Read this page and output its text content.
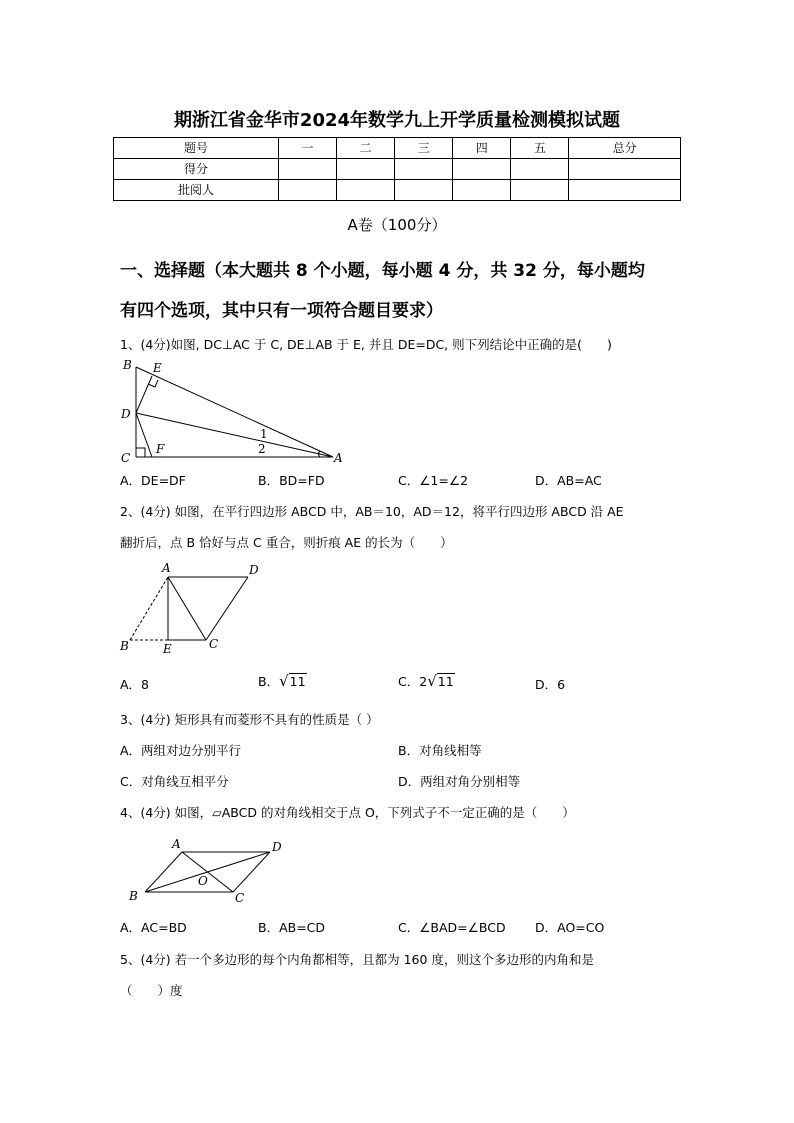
期浙江省金华市2024年数学九上开学质量检测模拟试题
题号	一	二	三	四	五	总分
得分						
批阅人						
A卷（100分）
一、选择题（本大题共 8 个小题，每小题 4 分，共 32 分，每小题均
有四个选项，其中只有一项符合题目要求）
1、(4分)如图, DC⊥AC 于 C, DE⊥AB 于 E, 并且 DE=DC, 则下列结论中正确的是(　　)
B E
D
C
F
A
1
2
A．DE=DF	B．BD=FD	C．∠1=∠2	D．AB=AC
2、(4分) 如图，在平行四边形 ABCD 中，AB＝10，AD＝12，将平行四边形 ABCD 沿 AE
翻折后，点 B 恰好与点 C 重合，则折痕 AE 的长为（　　）
A	D
B	E	C
A．8	B．√11	C．2√11	D．6
3、(4分) 矩形具有而菱形不具有的性质是（ ）
A．两组对边分别平行	B．对角线相等
C．对角线互相平分	D．两组对角分别相等
4、(4分) 如图，▱ABCD 的对角线相交于点 O，下列式子不一定正确的是（　　）
A	D
B
O
C
A．AC=BD	B．AB=CD	C．∠BAD=∠BCD D．AO=CO
5、(4分) 若一个多边形的每个内角都相等，且都为 160 度，则这个多边形的内角和是
（　　）度
